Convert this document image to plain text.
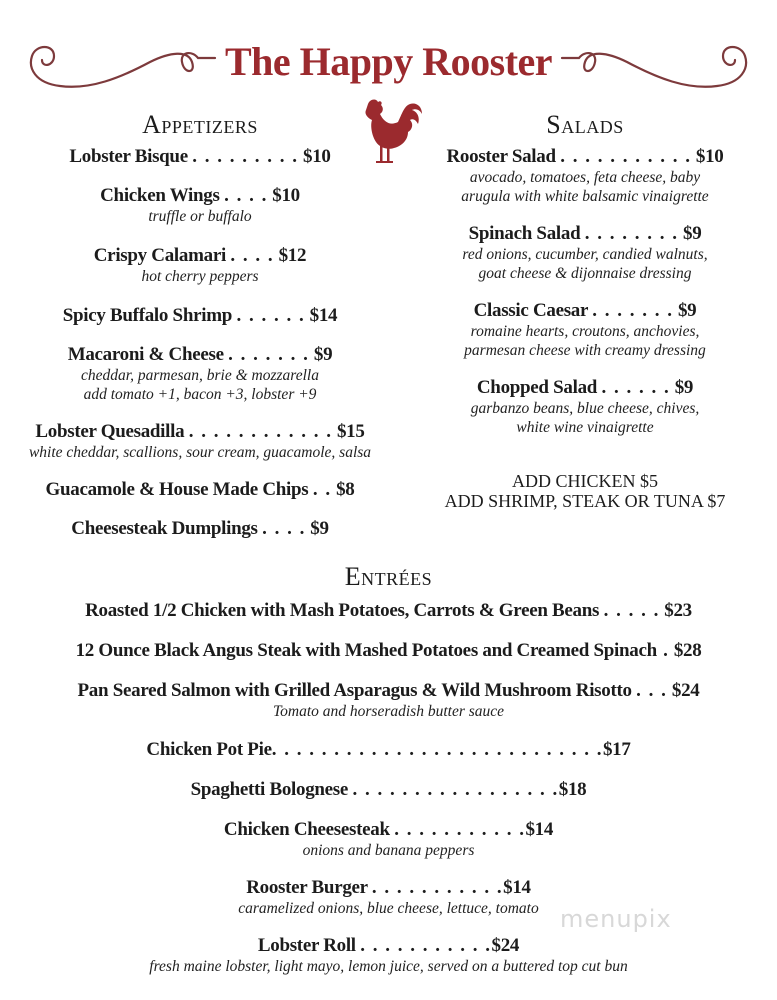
The Happy Rooster
Appetizers
Lobster Bisque . . . . . . . . . $10
Chicken Wings . . . . $10
truffle or buffalo
Crispy Calamari . . . . $12
hot cherry peppers
Spicy Buffalo Shrimp . . . . . . $14
Macaroni & Cheese . . . . . . . $9
cheddar, parmesan, brie & mozzarella
add tomato +1, bacon +3, lobster +9
Lobster Quesadilla . . . . . . . . . . . . $15
white cheddar, scallions, sour cream, guacamole, salsa
Guacamole & House Made Chips . . $8
Cheesesteak Dumplings . . . . $9
Salads
Rooster Salad . . . . . . . . . . . $10
avocado, tomatoes, feta cheese, baby
arugula with white balsamic vinaigrette
Spinach Salad . . . . . . . . $9
red onions, cucumber, candied walnuts,
goat cheese & dijonnaise dressing
Classic Caesar . . . . . . . $9
romaine hearts, croutons, anchovies,
parmesan cheese with creamy dressing
Chopped Salad . . . . . . $9
garbanzo beans, blue cheese, chives,
white wine vinaigrette
ADD CHICKEN $5
ADD SHRIMP, STEAK OR TUNA $7
Entrées
Roasted 1/2 Chicken with Mash Potatoes, Carrots & Green Beans . . . . . $23
12 Ounce Black Angus Steak with Mashed Potatoes and Creamed Spinach . $28
Pan Seared Salmon with Grilled Asparagus & Wild Mushroom Risotto . . . $24
Tomato and horseradish butter sauce
Chicken Pot Pie. . . . . . . . . . . . . . . . . . . . . . . . . . .$17
Spaghetti Bolognese . . . . . . . . . . . . . . . . .$18
Chicken Cheesesteak . . . . . . . . . . .$14
onions and banana peppers
Rooster Burger . . . . . . . . . . .$14
caramelized onions, blue cheese, lettuce, tomato
Lobster Roll . . . . . . . . . . .$24
fresh maine lobster, light mayo, lemon juice, served on a buttered top cut bun
menupix
